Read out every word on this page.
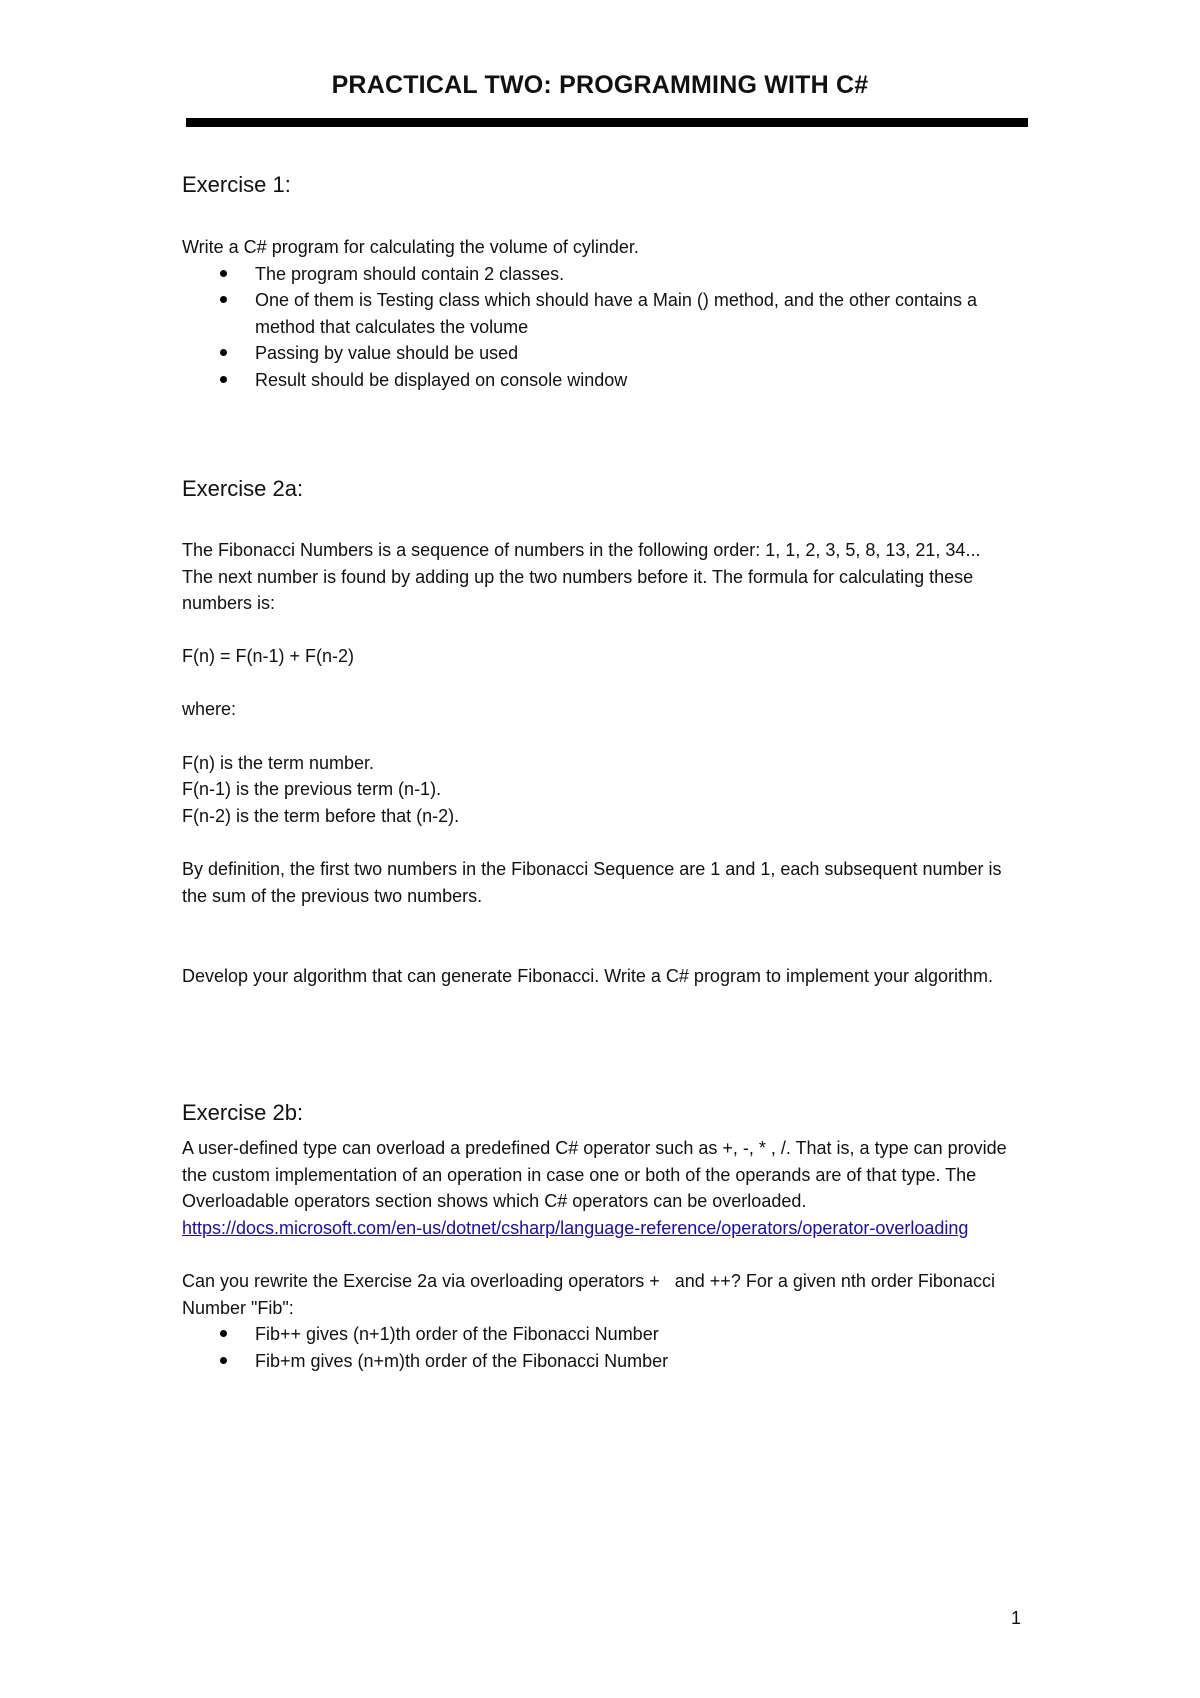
PRACTICAL TWO: PROGRAMMING WITH C#
Exercise 1:

Write a C# program for calculating the volume of cylinder.

The program should contain 2 classes.
One of them is Testing class which should have a Main () method, and the other contains a method that calculates the volume
Passing by value should be used
Result should be displayed on console window
Exercise 2a:

The Fibonacci Numbers is a sequence of numbers in the following order: 1, 1, 2, 3, 5, 8, 13, 21, 34... The next number is found by adding up the two numbers before it. The formula for calculating these numbers is:

F(n) = F(n-1) + F(n-2)

where:

F(n) is the term number.

F(n-1) is the previous term (n-1).

F(n-2) is the term before that (n-2).

By definition, the first two numbers in the Fibonacci Sequence are 1 and 1, each subsequent number is the sum of the previous two numbers.

Develop your algorithm that can generate Fibonacci. Write a C# program to implement your algorithm.

Exercise 2b:

A user-defined type can overload a predefined C# operator such as +, -, * , /. That is, a type can provide the custom implementation of an operation in case one or both of the operands are of that type. The Overloadable operators section shows which C# operators can be overloaded.

https://docs.microsoft.com/en-us/dotnet/csharp/language-reference/operators/operator-overloading

Can you rewrite the Exercise 2a via overloading operators +   and ++? For a given nth order Fibonacci Number "Fib":

Fib++ gives (n+1)th order of the Fibonacci Number
Fib+m gives (n+m)th order of the Fibonacci Number
1
